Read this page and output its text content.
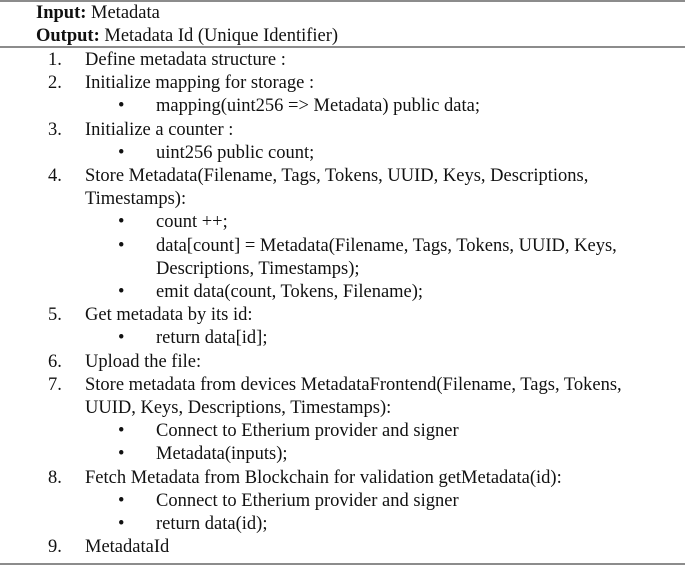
Input: Metadata
Output: Metadata Id (Unique Identifier)
1. Define metadata structure :
2. Initialize mapping for storage :
• mapping(uint256 => Metadata) public data;
3. Initialize a counter :
• uint256 public count;
4. Store Metadata(Filename, Tags, Tokens, UUID, Keys, Descriptions,
Timestamps):
• count ++;
• data[count] = Metadata(Filename, Tags, Tokens, UUID, Keys,
Descriptions, Timestamps);
• emit data(count, Tokens, Filename);
5. Get metadata by its id:
• return data[id];
6. Upload the file:
7. Store metadata from devices MetadataFrontend(Filename, Tags, Tokens,
UUID, Keys, Descriptions, Timestamps):
• Connect to Etherium provider and signer
• Metadata(inputs);
8. Fetch Metadata from Blockchain for validation getMetadata(id):
• Connect to Etherium provider and signer
• return data(id);
9. MetadataId
